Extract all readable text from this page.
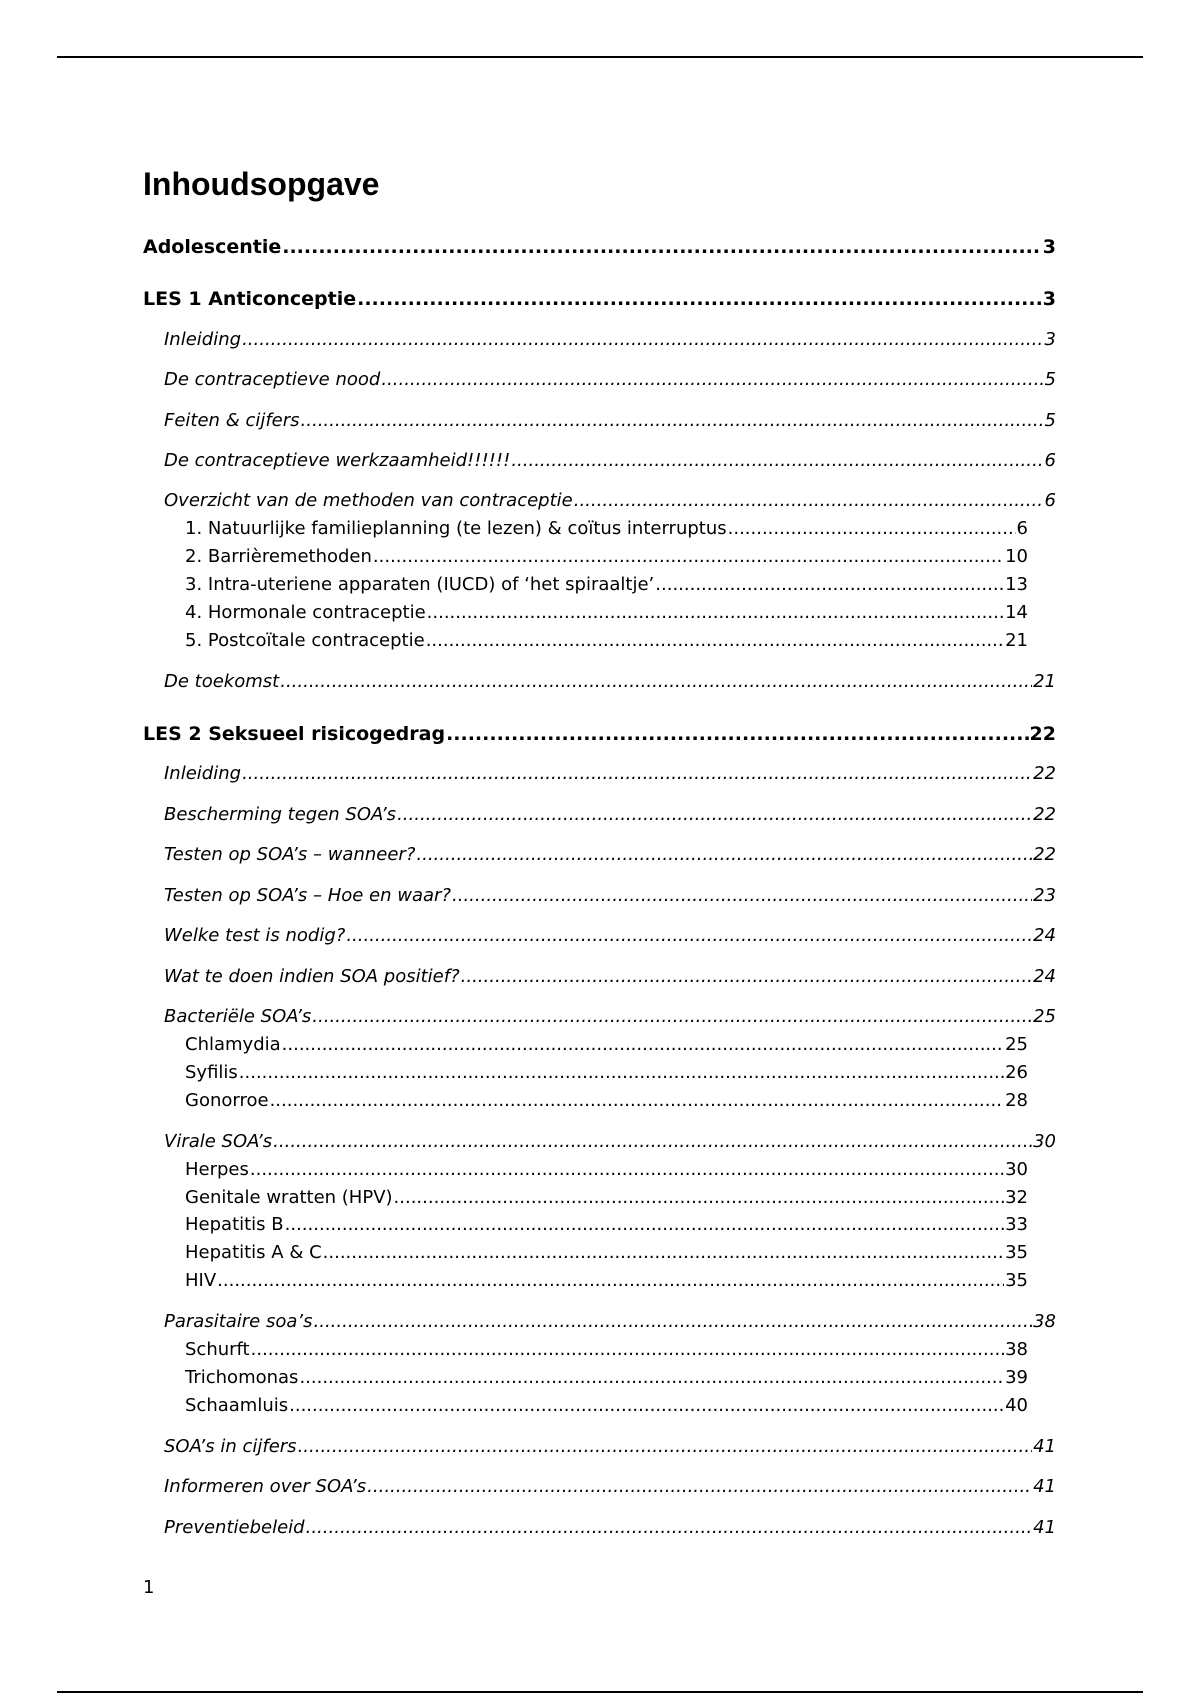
Inhoudsopgave
Adolescentie .....	3
LES 1 Anticonceptie .....	3
Inleiding .....	3
De contraceptieve nood .....	5
Feiten & cijfers .....	5
De contraceptieve werkzaamheid!!!!!! .....	6
Overzicht van de methoden van contraceptie .....	6
1. Natuurlijke familieplanning (te lezen) & coïtus interruptus .....	6
2. Barrièremethoden .....	10
3. Intra-uteriene apparaten (IUCD) of ‘het spiraaltje’ .....	13
4. Hormonale contraceptie .....	14
5. Postcoïtale contraceptie .....	21
De toekomst .....	21
LES 2 Seksueel risicogedrag .....	22
Inleiding .....	22
Bescherming tegen SOA’s .....	22
Testen op SOA’s – wanneer? .....	22
Testen op SOA’s – Hoe en waar? .....	23
Welke test is nodig? .....	24
Wat te doen indien SOA positief? .....	24
Bacteriële SOA’s .....	25
Chlamydia .....	25
Syfilis .....	26
Gonorroe .....	28
Virale SOA’s .....	30
Herpes .....	30
Genitale wratten (HPV) .....	32
Hepatitis B .....	33
Hepatitis A & C .....	35
HIV .....	35
Parasitaire soa’s .....	38
Schurft .....	38
Trichomonas .....	39
Schaamluis .....	40
SOA’s in cijfers .....	41
Informeren over SOA’s .....	41
Preventiebeleid .....	41
1
